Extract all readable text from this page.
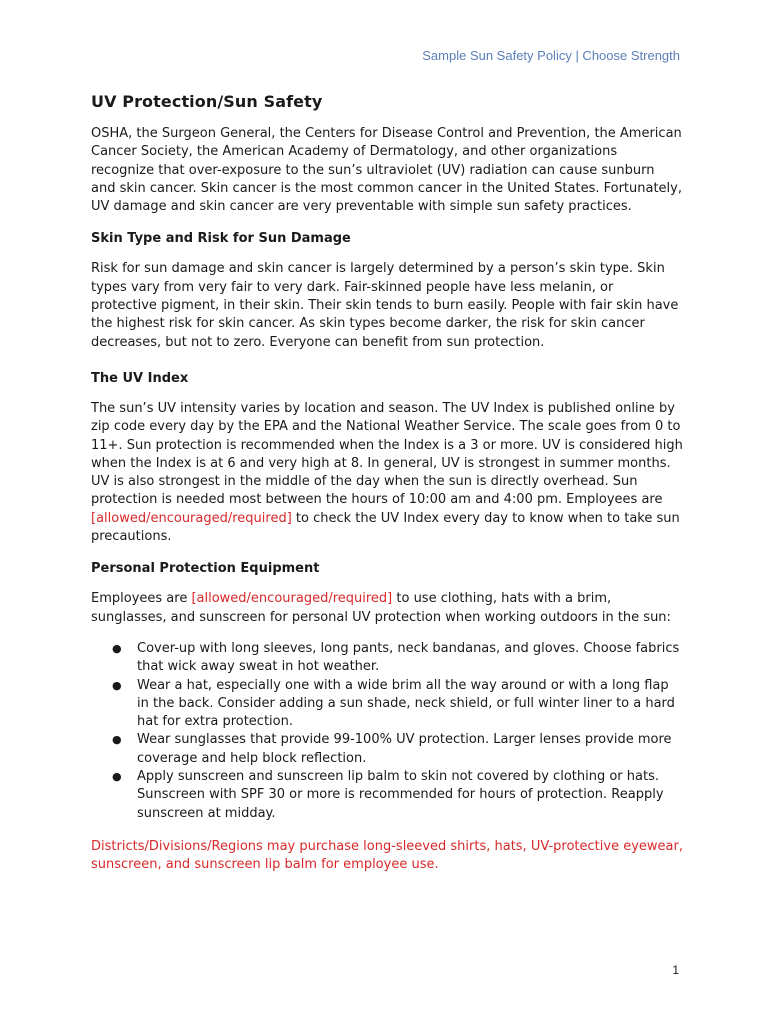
Sample Sun Safety Policy | Choose Strength
UV Protection/Sun Safety

OSHA, the Surgeon General, the Centers for Disease Control and Prevention, the American Cancer Society, the American Academy of Dermatology, and other organizations recognize that over-exposure to the sun’s ultraviolet (UV) radiation can cause sunburn and skin cancer. Skin cancer is the most common cancer in the United States. Fortunately, UV damage and skin cancer are very preventable with simple sun safety practices.

Skin Type and Risk for Sun Damage

Risk for sun damage and skin cancer is largely determined by a person’s skin type. Skin types vary from very fair to very dark. Fair-skinned people have less melanin, or protective pigment, in their skin. Their skin tends to burn easily. People with fair skin have the highest risk for skin cancer. As skin types become darker, the risk for skin cancer decreases, but not to zero. Everyone can benefit from sun protection.

The UV Index

The sun’s UV intensity varies by location and season. The UV Index is published online by zip code every day by the EPA and the National Weather Service. The scale goes from 0 to 11+. Sun protection is recommended when the Index is a 3 or more. UV is considered high when the Index is at 6 and very high at 8. In general, UV is strongest in summer months. UV is also strongest in the middle of the day when the sun is directly overhead. Sun protection is needed most between the hours of 10:00 am and 4:00 pm. Employees are [allowed/encouraged/required] to check the UV Index every day to know when to take sun precautions.

Personal Protection Equipment

Employees are [allowed/encouraged/required] to use clothing, hats with a brim, sunglasses, and sunscreen for personal UV protection when working outdoors in the sun:

● Cover-up with long sleeves, long pants, neck bandanas, and gloves. Choose fabrics that wick away sweat in hot weather.
● Wear a hat, especially one with a wide brim all the way around or with a long flap in the back. Consider adding a sun shade, neck shield, or full winter liner to a hard hat for extra protection.
● Wear sunglasses that provide 99-100% UV protection. Larger lenses provide more coverage and help block reflection.
● Apply sunscreen and sunscreen lip balm to skin not covered by clothing or hats. Sunscreen with SPF 30 or more is recommended for hours of protection. Reapply sunscreen at midday.

Districts/Divisions/Regions may purchase long-sleeved shirts, hats, UV-protective eyewear, sunscreen, and sunscreen lip balm for employee use.

1
